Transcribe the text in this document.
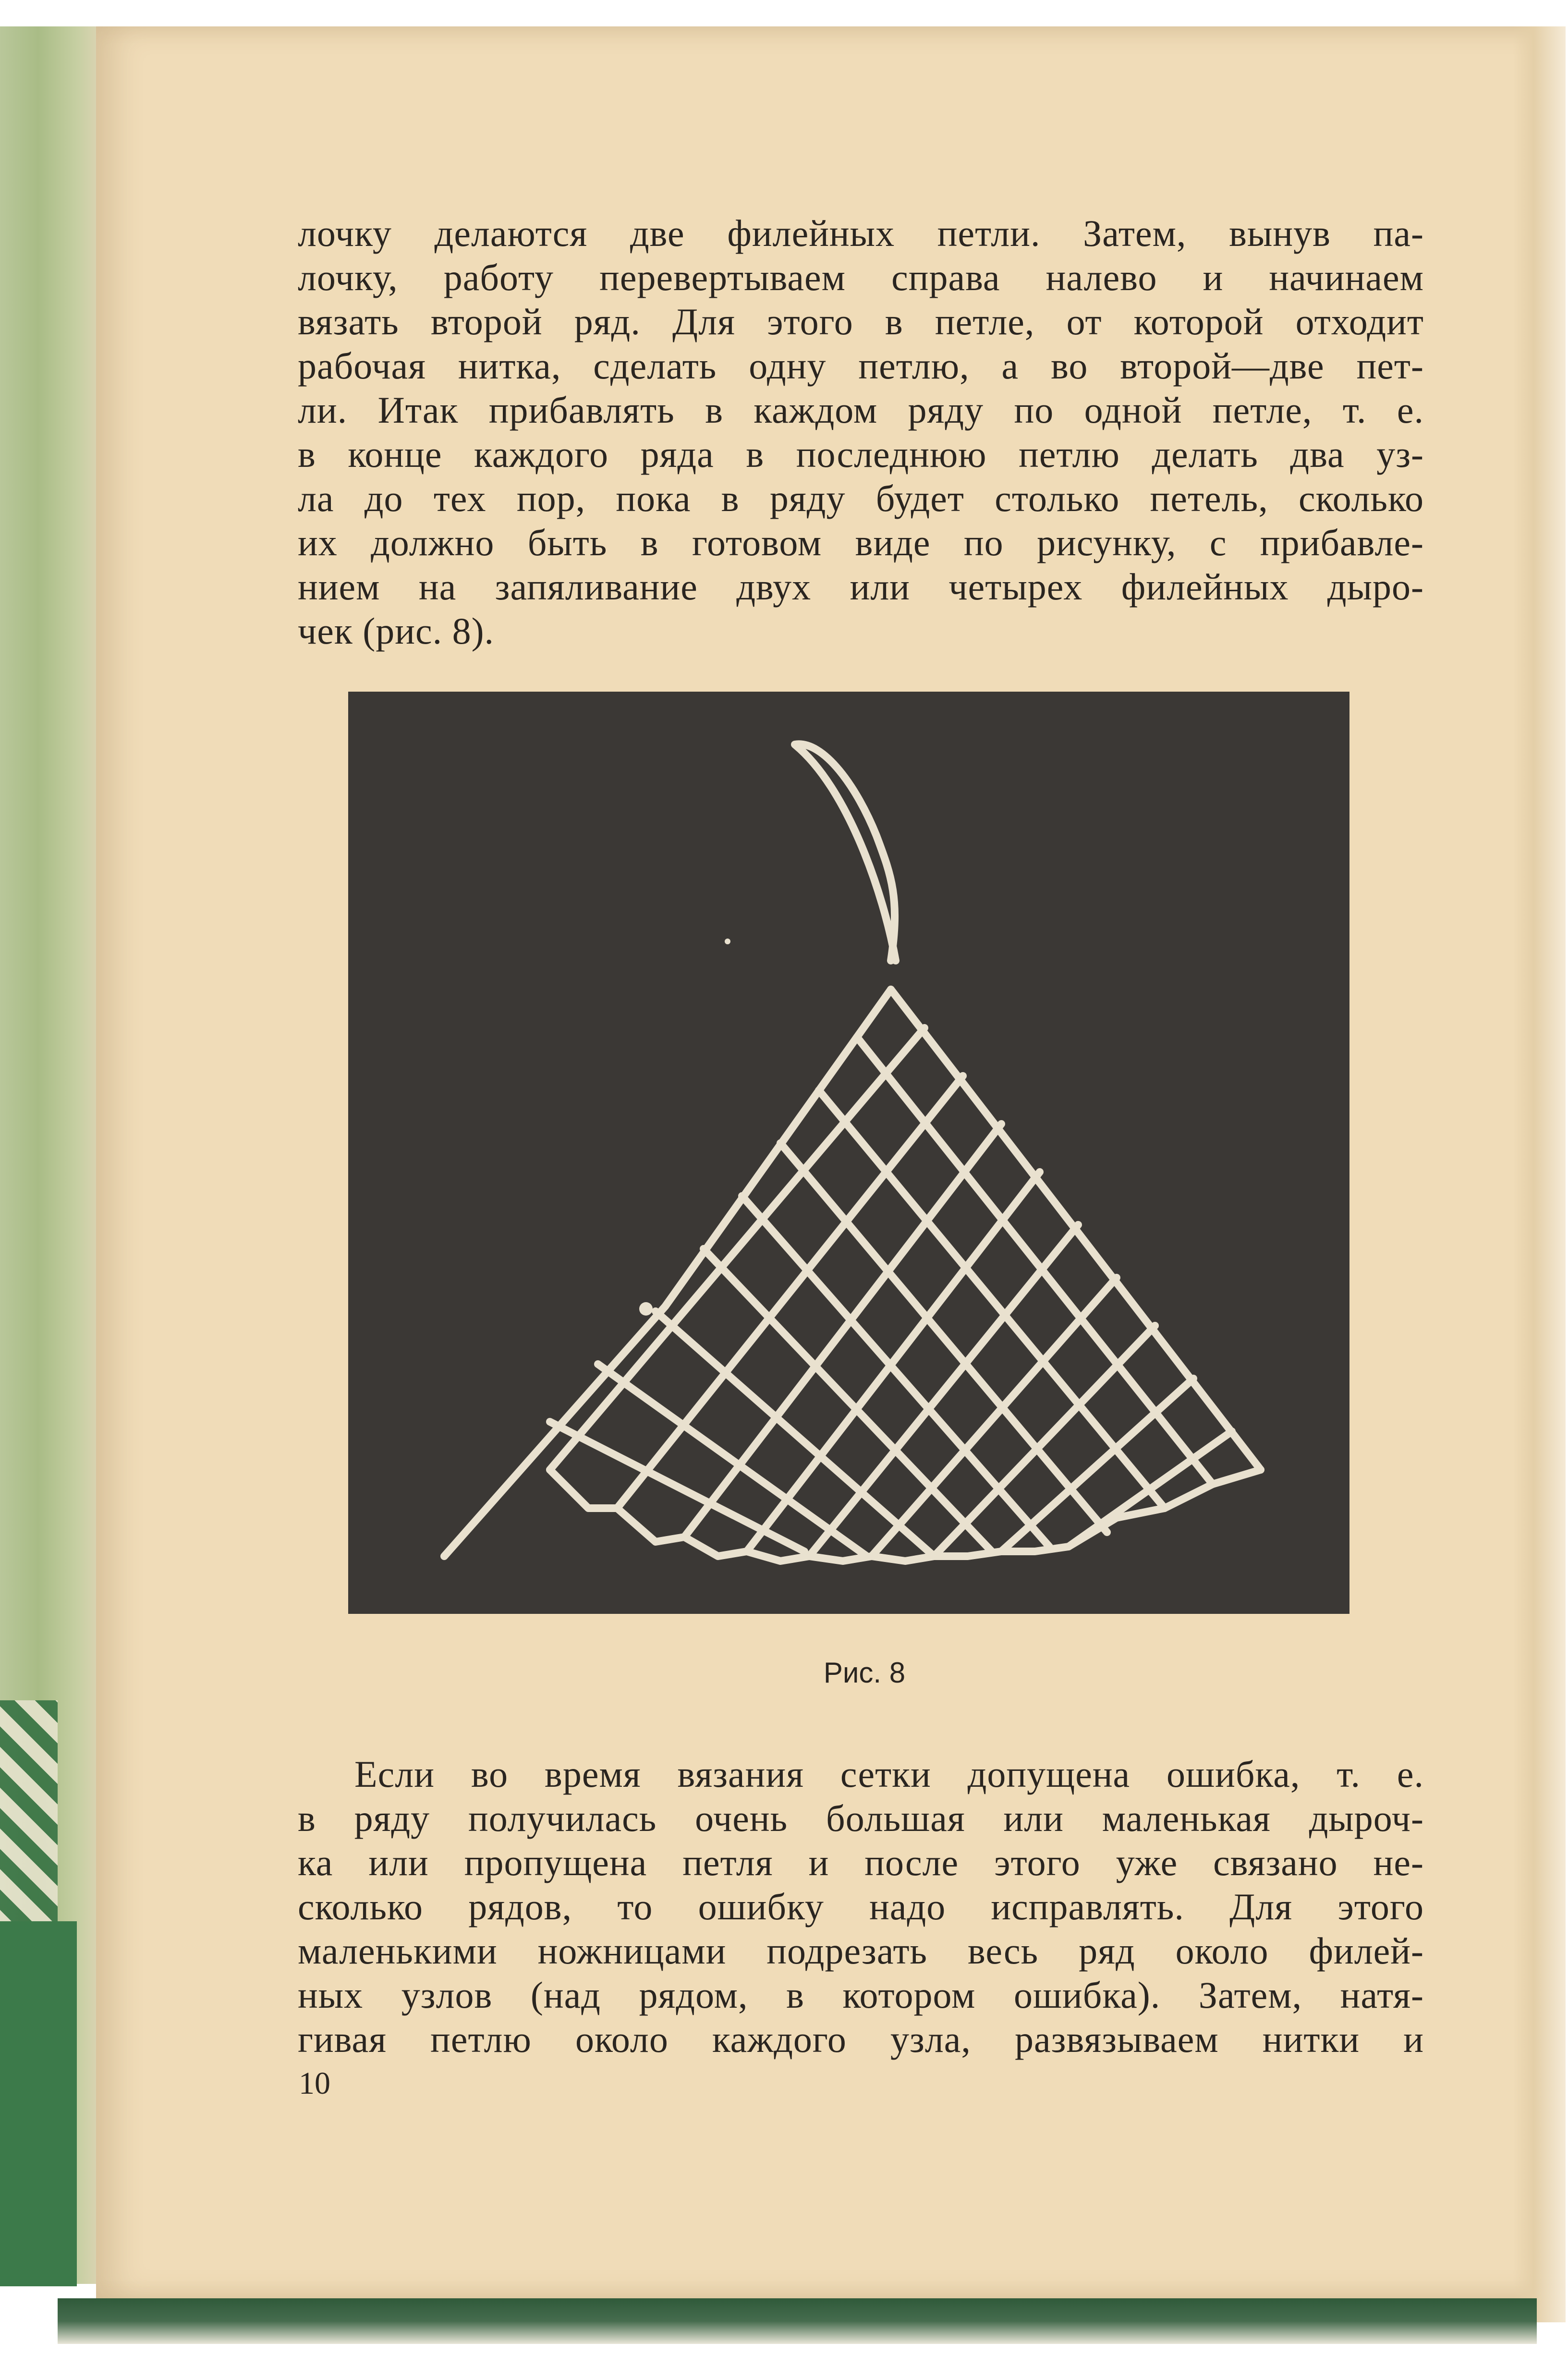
лочку делаются две филейных петли. Затем, вынув па-
лочку, работу перевертываем справа налево и начинаем
вязать второй ряд. Для этого в петле, от которой отходит
рабочая нитка, сделать одну петлю, а во второй—две пет-
ли. Итак прибавлять в каждом ряду по одной петле, т. е.
в конце каждого ряда в последнюю петлю делать два уз-
ла до тех пор, пока в ряду будет столько петель, сколько
их должно быть в готовом виде по рисунку, с прибавле-
нием на запяливание двух или четырех филейных дыро-
чек (рис. 8).
Рис. 8
Если во время вязания сетки допущена ошибка, т. е.
в ряду получилась очень большая или маленькая дыроч-
ка или пропущена петля и после этого уже связано не-
сколько рядов, то ошибку надо исправлять. Для этого
маленькими ножницами подрезать весь ряд около филей-
ных узлов (над рядом, в котором ошибка). Затем, натя-
гивая петлю около каждого узла, развязываем нитки и
10
